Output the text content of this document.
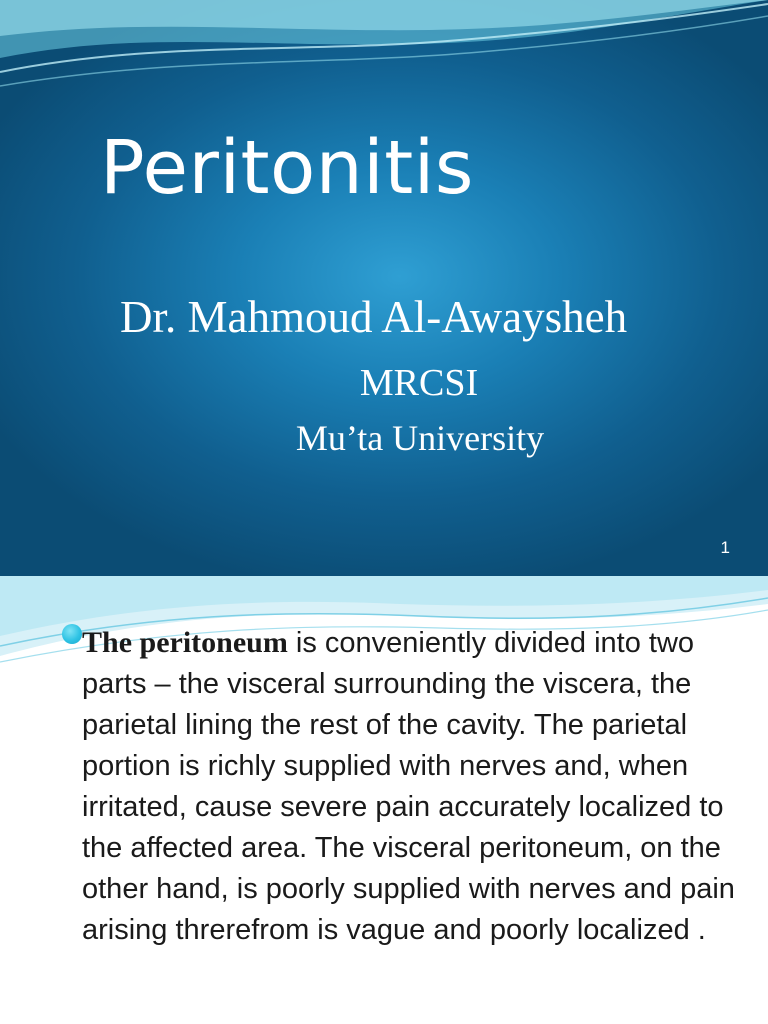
Peritonitis
Dr. Mahmoud Al-Awaysheh
MRCSI
Mu’ta University
1

The peritoneum is conveniently divided into two parts – the visceral surrounding the viscera, the parietal lining the rest of the cavity. The parietal portion is richly supplied with nerves and, when irritated, cause severe pain accurately localized to the affected area. The visceral peritoneum, on the other hand, is poorly supplied with nerves and pain arising threrefrom is vague and poorly localized .
